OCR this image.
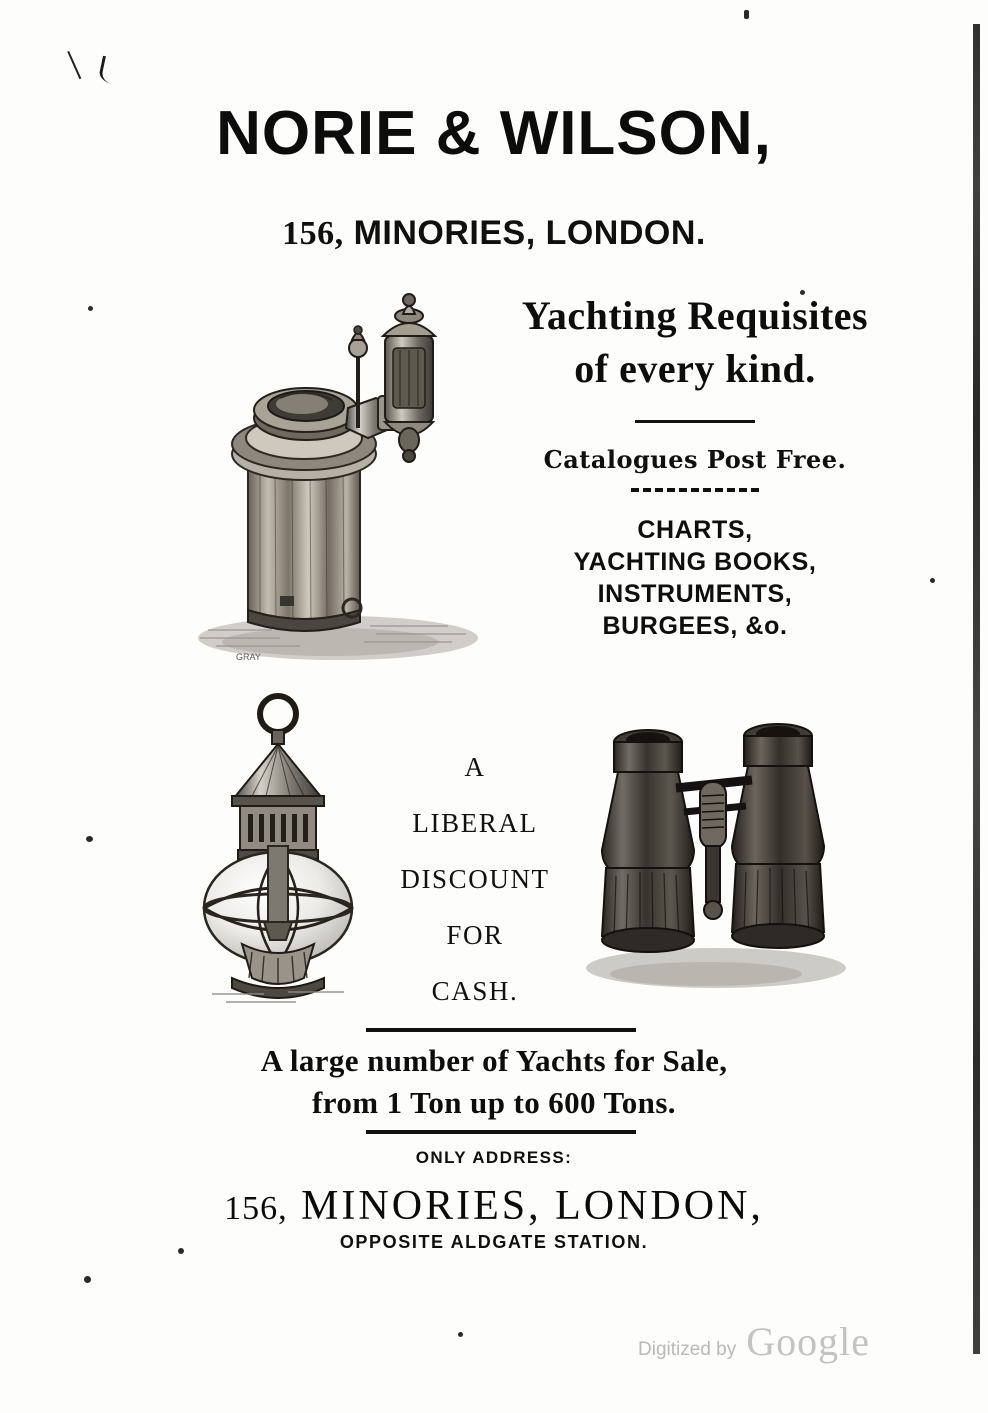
NORIE & WILSON,
156, MINORIES, LONDON.
GRAY
Yachting Requisites
of every kind.
Catalogues Post Free.
CHARTS,
YACHTING BOOKS,
INSTRUMENTS,
BURGEES, &o.
A
LIBERAL
DISCOUNT
FOR
CASH.
A large number of Yachts for Sale,
from 1 Ton up to 600 Tons.
ONLY ADDRESS:
156, MINORIES, LONDON,
OPPOSITE ALDGATE STATION.
Digitized by Google
